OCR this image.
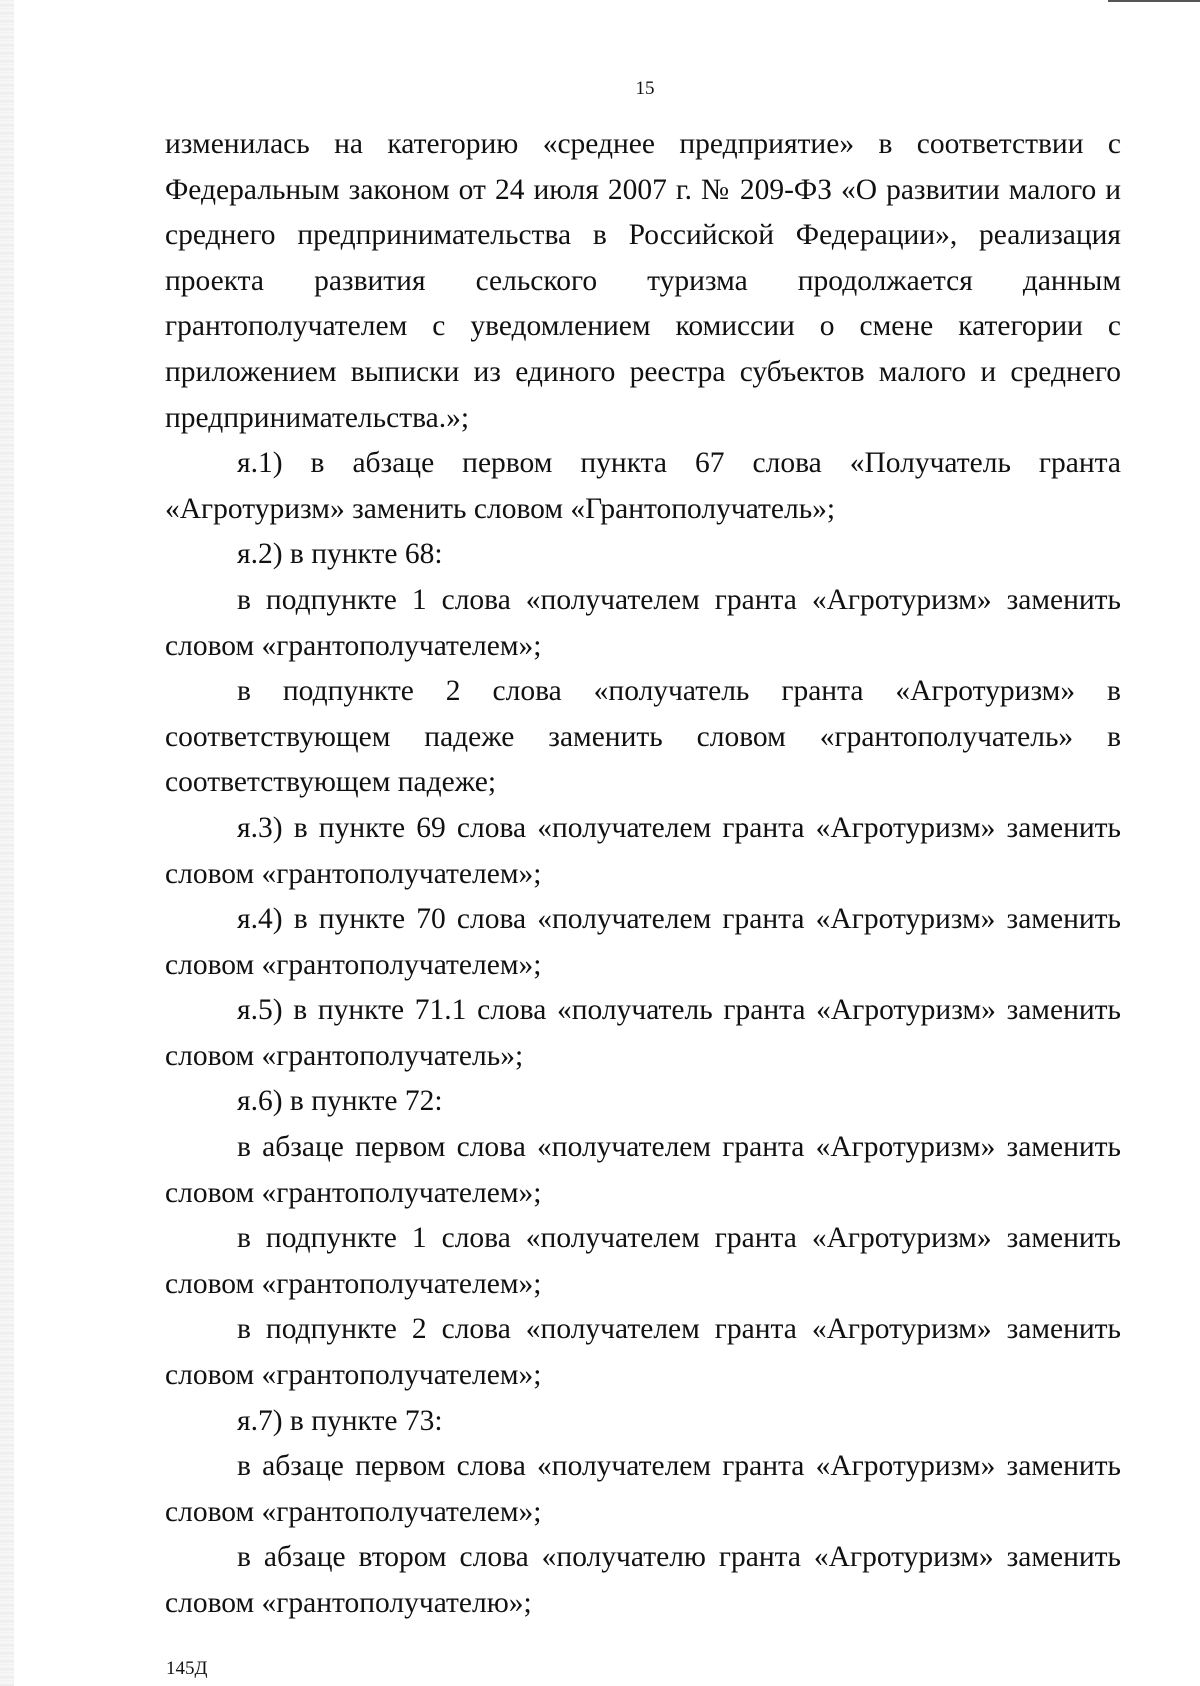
15

изменилась на категорию «среднее предприятие» в соответствии с Федеральным законом от 24 июля 2007 г. № 209-ФЗ «О развитии малого и среднего предпринимательства в Российской Федерации», реализация проекта развития сельского туризма продолжается данным грантополучателем с уведомлением комиссии о смене категории с приложением выписки из единого реестра субъектов малого и среднего предпринимательства.»;

я.1) в абзаце первом пункта 67 слова «Получатель гранта «Агротуризм» заменить словом «Грантополучатель»;

я.2) в пункте 68:

в подпункте 1 слова «получателем гранта «Агротуризм» заменить словом «грантополучателем»;

в подпункте 2 слова «получатель гранта «Агротуризм» в соответствующем падеже заменить словом «грантополучатель» в соответствующем падеже;

я.3) в пункте 69 слова «получателем гранта «Агротуризм» заменить словом «грантополучателем»;

я.4) в пункте 70 слова «получателем гранта «Агротуризм» заменить словом «грантополучателем»;

я.5) в пункте 71.1 слова «получатель гранта «Агротуризм» заменить словом «грантополучатель»;

я.6) в пункте 72:

в абзаце первом слова «получателем гранта «Агротуризм» заменить словом «грантополучателем»;

в подпункте 1 слова «получателем гранта «Агротуризм» заменить словом «грантополучателем»;

в подпункте 2 слова «получателем гранта «Агротуризм» заменить словом «грантополучателем»;

я.7) в пункте 73:

в абзаце первом слова «получателем гранта «Агротуризм» заменить словом «грантополучателем»;

в абзаце втором слова «получателю гранта «Агротуризм» заменить словом «грантополучателю»;

145Д
